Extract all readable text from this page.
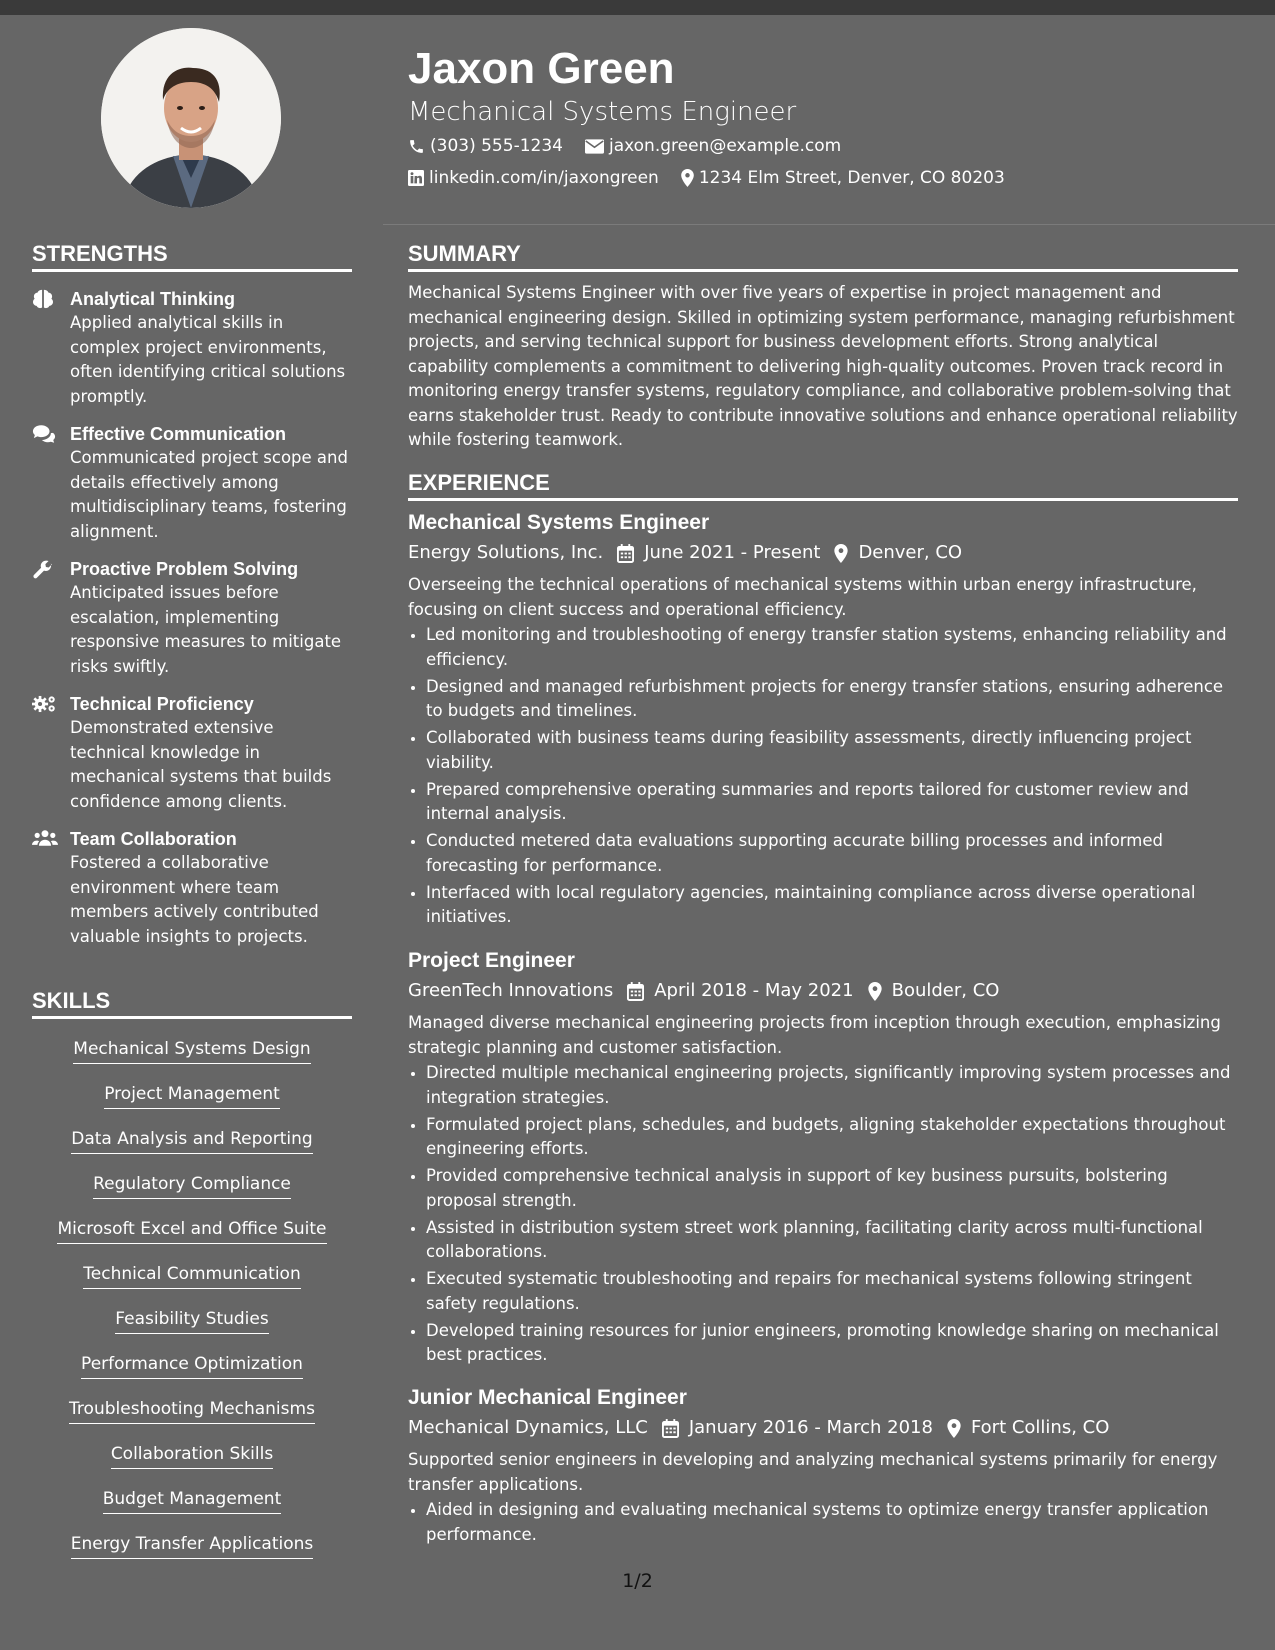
Jaxon Green
Mechanical Systems Engineer
(303) 555-1234	jaxon.green@example.com
linkedin.com/in/jaxongreen 1234 Elm Street, Denver, CO 80203
STRENGTHS
Analytical Thinking
Applied analytical skills in complex project environments, often identifying critical solutions promptly.
Effective Communication
Communicated project scope and details effectively among multidisciplinary teams, fostering alignment.
Proactive Problem Solving
Anticipated issues before escalation, implementing responsive measures to mitigate risks swiftly.
Technical Proficiency
Demonstrated extensive technical knowledge in mechanical systems that builds confidence among clients.
Team Collaboration
Fostered a collaborative environment where team members actively contributed valuable insights to projects.
SKILLS
Mechanical Systems Design
Project Management
Data Analysis and Reporting
Regulatory Compliance
Microsoft Excel and Office Suite
Technical Communication
Feasibility Studies
Performance Optimization
Troubleshooting Mechanisms
Collaboration Skills
Budget Management
Energy Transfer Applications
SUMMARY
Mechanical Systems Engineer with over five years of expertise in project management and mechanical engineering design. Skilled in optimizing system performance, managing refurbishment projects, and serving technical support for business development efforts. Strong analytical capability complements a commitment to delivering high-quality outcomes. Proven track record in monitoring energy transfer systems, regulatory compliance, and collaborative problem-solving that earns stakeholder trust. Ready to contribute innovative solutions and enhance operational reliability while fostering teamwork.
EXPERIENCE
Mechanical Systems Engineer
Energy Solutions, Inc. June 2021 - Present Denver, CO
Overseeing the technical operations of mechanical systems within urban energy infrastructure, focusing on client success and operational efficiency.
• Led monitoring and troubleshooting of energy transfer station systems, enhancing reliability and efficiency.
• Designed and managed refurbishment projects for energy transfer stations, ensuring adherence to budgets and timelines.
• Collaborated with business teams during feasibility assessments, directly influencing project viability.
• Prepared comprehensive operating summaries and reports tailored for customer review and internal analysis.
• Conducted metered data evaluations supporting accurate billing processes and informed forecasting for performance.
• Interfaced with local regulatory agencies, maintaining compliance across diverse operational initiatives.
Project Engineer
GreenTech Innovations April 2018 - May 2021 Boulder, CO
Managed diverse mechanical engineering projects from inception through execution, emphasizing strategic planning and customer satisfaction.
• Directed multiple mechanical engineering projects, significantly improving system processes and integration strategies.
• Formulated project plans, schedules, and budgets, aligning stakeholder expectations throughout engineering efforts.
• Provided comprehensive technical analysis in support of key business pursuits, bolstering proposal strength.
• Assisted in distribution system street work planning, facilitating clarity across multi-functional collaborations.
• Executed systematic troubleshooting and repairs for mechanical systems following stringent safety regulations.
• Developed training resources for junior engineers, promoting knowledge sharing on mechanical best practices.
Junior Mechanical Engineer
Mechanical Dynamics, LLC January 2016 - March 2018 Fort Collins, CO
Supported senior engineers in developing and analyzing mechanical systems primarily for energy transfer applications.
• Aided in designing and evaluating mechanical systems to optimize energy transfer application performance.
1/2
